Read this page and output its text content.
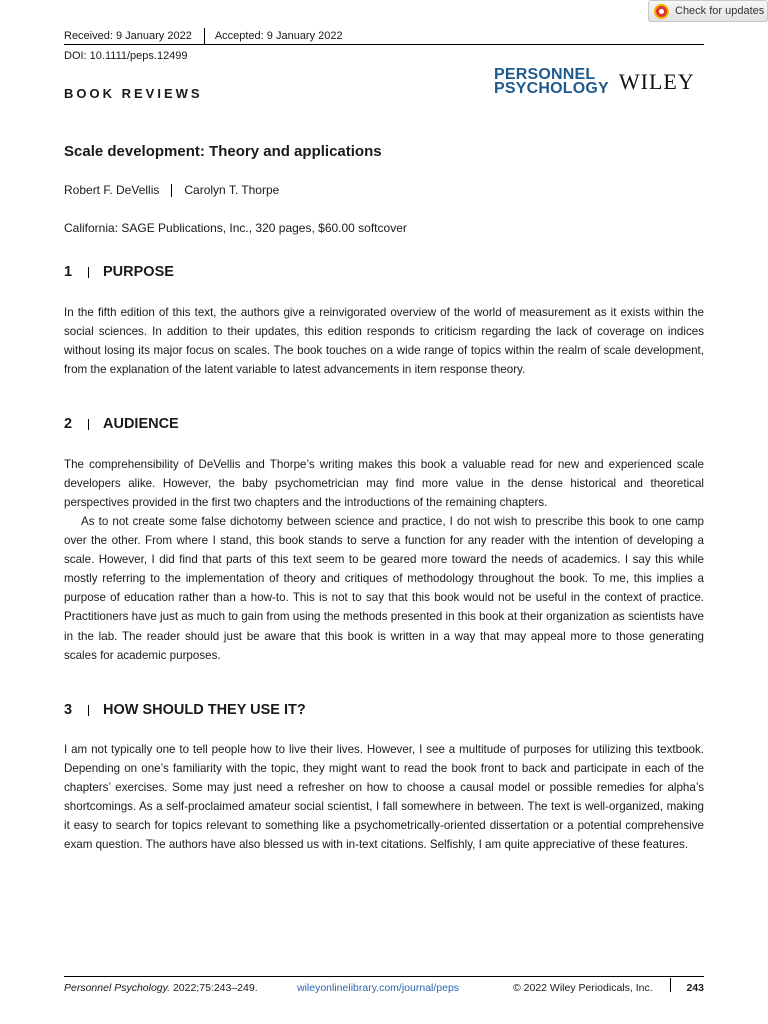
Check for updates
Received: 9 January 2022 Accepted: 9 January 2022
DOI: 10.1111/peps.12499
PERSONNEL
PSYCHOLOGY WILEY
BOOK REVIEWS
Scale development: Theory and applications
Robert F. DeVellis Carolyn T. Thorpe
California: SAGE Publications, Inc., 320 pages, $60.00 softcover
1	PURPOSE

In the fifth edition of this text, the authors give a reinvigorated overview of the world of measurement as it exists within the social sciences. In addition to their updates, this edition responds to criticism regarding the lack of coverage on indices without losing its major focus on scales. The book touches on a wide range of topics within the realm of scale development, from the explanation of the latent variable to latest advancements in item response theory.

2	AUDIENCE

The comprehensibility of DeVellis and Thorpe’s writing makes this book a valuable read for new and experienced scale developers alike. However, the baby psychometrician may find more value in the dense historical and theoretical perspectives provided in the first two chapters and the introductions of the remaining chapters.

As to not create some false dichotomy between science and practice, I do not wish to prescribe this book to one camp over the other. From where I stand, this book stands to serve a function for any reader with the intention of developing a scale. However, I did find that parts of this text seem to be geared more toward the needs of academics. I say this while mostly referring to the implementation of theory and critiques of methodology throughout the book. To me, this implies a purpose of education rather than a how-to. This is not to say that this book would not be useful in the context of practice. Practitioners have just as much to gain from using the methods presented in this book at their organization as scientists have in the lab. The reader should just be aware that this book is written in a way that may appeal more to those generating scales for academic purposes.

3	HOW SHOULD THEY USE IT?

I am not typically one to tell people how to live their lives. However, I see a multitude of purposes for utilizing this textbook. Depending on one’s familiarity with the topic, they might want to read the book front to back and participate in each of the chapters’ exercises. Some may just need a refresher on how to choose a causal model or possible remedies for alpha’s shortcomings. As a self-proclaimed amateur social scientist, I fall somewhere in between. The text is well-organized, making it easy to search for topics relevant to something like a psychometrically-oriented dissertation or a potential comprehensive exam question. The authors have also blessed us with in-text citations. Selfishly, I am quite appreciative of these features.

Personnel Psychology. 2022;75:243–249.	wileyonlinelibrary.com/journal/peps	© 2022 Wiley Periodicals, Inc.	243
